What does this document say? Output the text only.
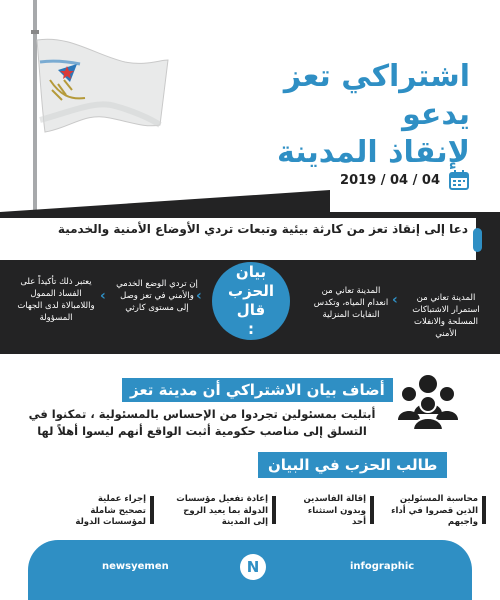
اشتراكي تعز يدعو
لإنقاذ المدينة
2019 / 04 / 04
دعا إلى إنقاذ تعز من كارثة بيئية وتبعات تردي الأوضاع الأمنية والخدمية
المدينة تعاني من استمرار الاشتباكات المسلحة والانفلات الأمني
‹
المدينة تعاني من انعدام المياه، وتكدس النفايات المنزلية
بيان
الحزب قال
:
إن تردي الوضع الخدمي والأمني في تعز وصل إلى مستوى كارثي
‹
‹
يعتبر ذلك تأكيداً على الفساد الممول واللامبالاة لدى الجهات المسؤولة
أضاف بيان الاشتراكي أن مدينة تعز
أبتليت بمسئولين تجردوا من الإحساس بالمسئولية ، تمكنوا في التسلق إلى مناصب حكومية أثبت الواقع أنهم ليسوا أهلاً لها
طالب الحزب في البيان
محاسبة المسئولين الذين قصروا في أداء واجبهم
إقالة الفاسدين وبدون استثناء أحد
إعادة تفعيل مؤسسات الدولة بما يعيد الروح إلى المدينة
إجراء عملية تصحيح شاملة لمؤسسات الدولة
newsyemen	N	infographic
